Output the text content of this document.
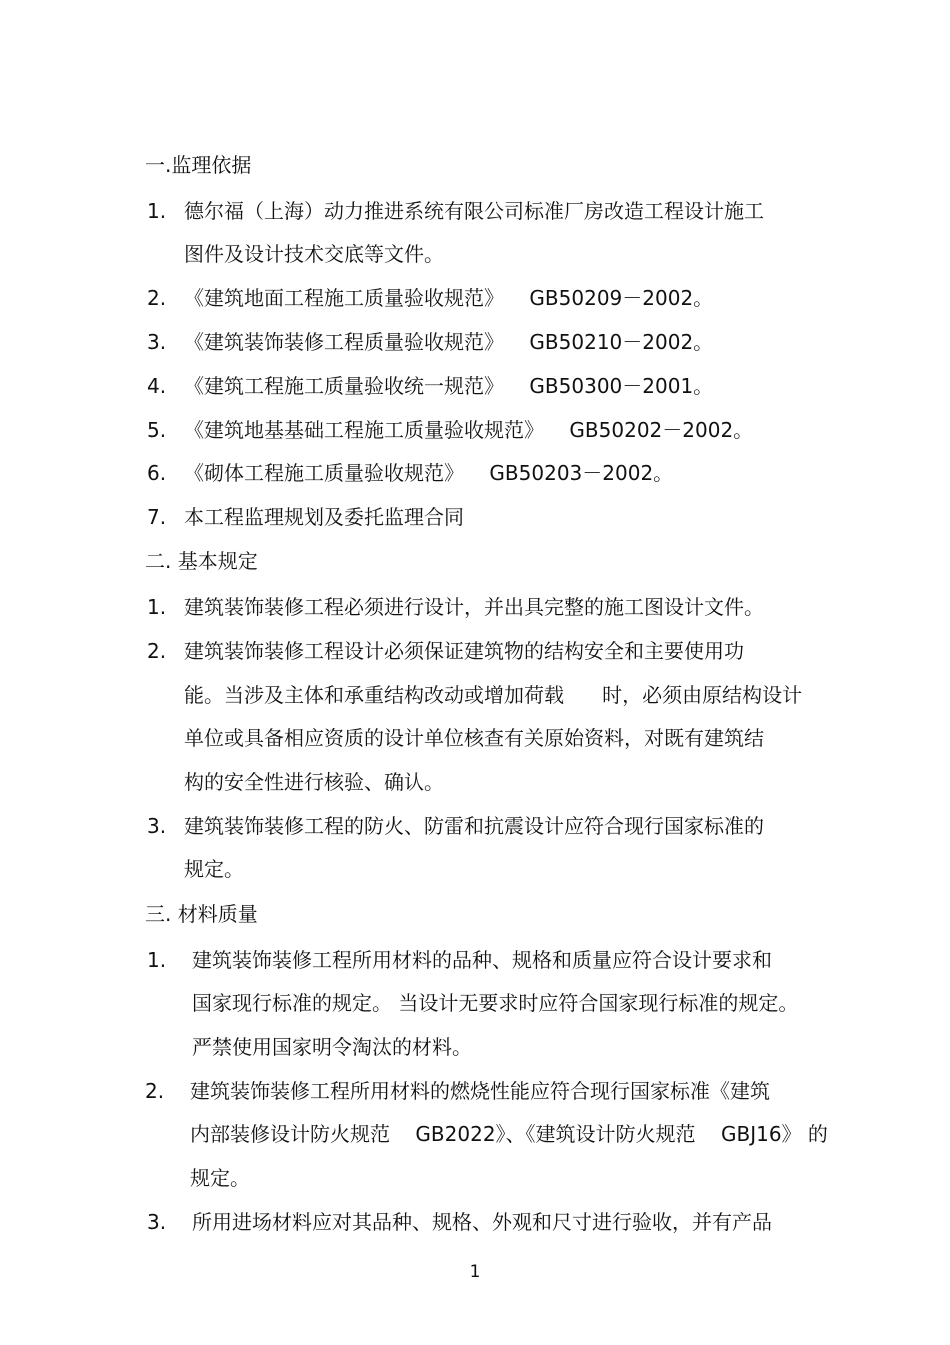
一.监理依据
1. 德尔福（上海）动力推进系统有限公司标准厂房改造工程设计施工
图件及设计技术交底等文件。
2. 《建筑地面工程施工质量验收规范》    GB50209－2002。
3. 《建筑装饰装修工程质量验收规范》    GB50210－2002。
4. 《建筑工程施工质量验收统一规范》    GB50300－2001。
5. 《建筑地基基础工程施工质量验收规范》    GB50202－2002。
6. 《砌体工程施工质量验收规范》    GB50203－2002。
7. 本工程监理规划及委托监理合同
二. 基本规定
1. 建筑装饰装修工程必须进行设计，并出具完整的施工图设计文件。
2. 建筑装饰装修工程设计必须保证建筑物的结构安全和主要使用功
能。当涉及主体和承重结构改动或增加荷载      时，必须由原结构设计
单位或具备相应资质的设计单位核查有关原始资料，对既有建筑结
构的安全性进行核验、确认。
3. 建筑装饰装修工程的防火、防雷和抗震设计应符合现行国家标准的
规定。
三. 材料质量
1. 建筑装饰装修工程所用材料的品种、规格和质量应符合设计要求和
国家现行标准的规定。 当设计无要求时应符合国家现行标准的规定。
严禁使用国家明令淘汰的材料。
2. 建筑装饰装修工程所用材料的燃烧性能应符合现行国家标准《建筑
内部装修设计防火规范    GB2022》、《建筑设计防火规范    GBJ16》 的
规定。
3. 所用进场材料应对其品种、规格、外观和尺寸进行验收，并有产品
1
